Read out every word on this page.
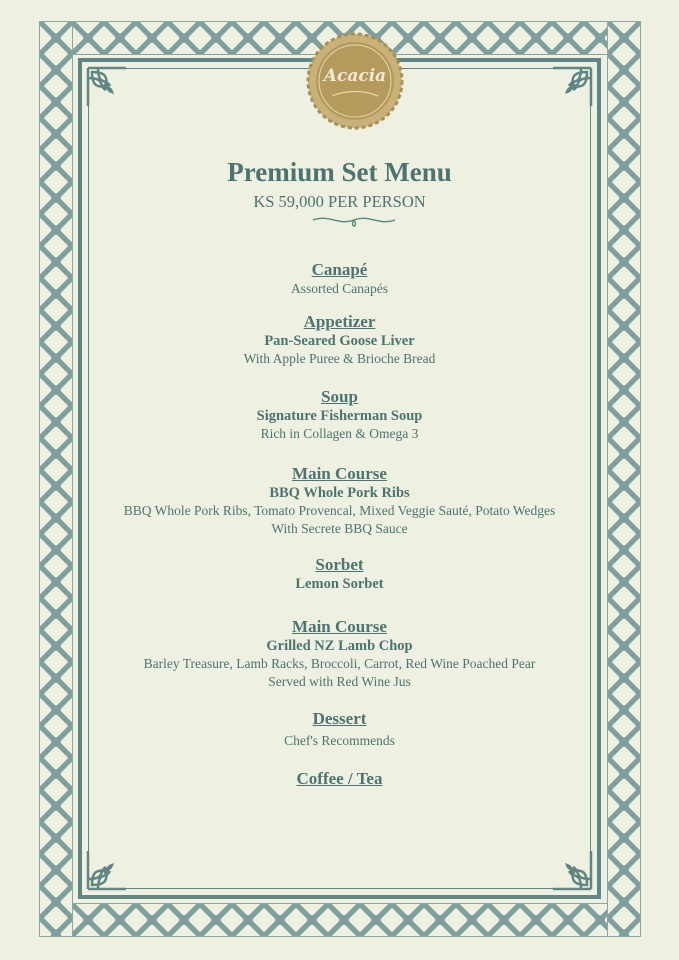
Acacia
Premium Set Menu
KS 59,000 PER PERSON
Canapé
Assorted Canapés
Appetizer
Pan-Seared Goose Liver
With Apple Puree & Brioche Bread
Soup
Signature Fisherman Soup
Rich in Collagen & Omega 3
Main Course
BBQ Whole Pork Ribs
BBQ Whole Pork Ribs, Tomato Provencal, Mixed Veggie Sauté, Potato Wedges
With Secrete BBQ Sauce
Sorbet
Lemon Sorbet
Main Course
Grilled NZ Lamb Chop
Barley Treasure, Lamb Racks, Broccoli, Carrot, Red Wine Poached Pear
Served with Red Wine Jus
Dessert
Chef's Recommends
Coffee / Tea
